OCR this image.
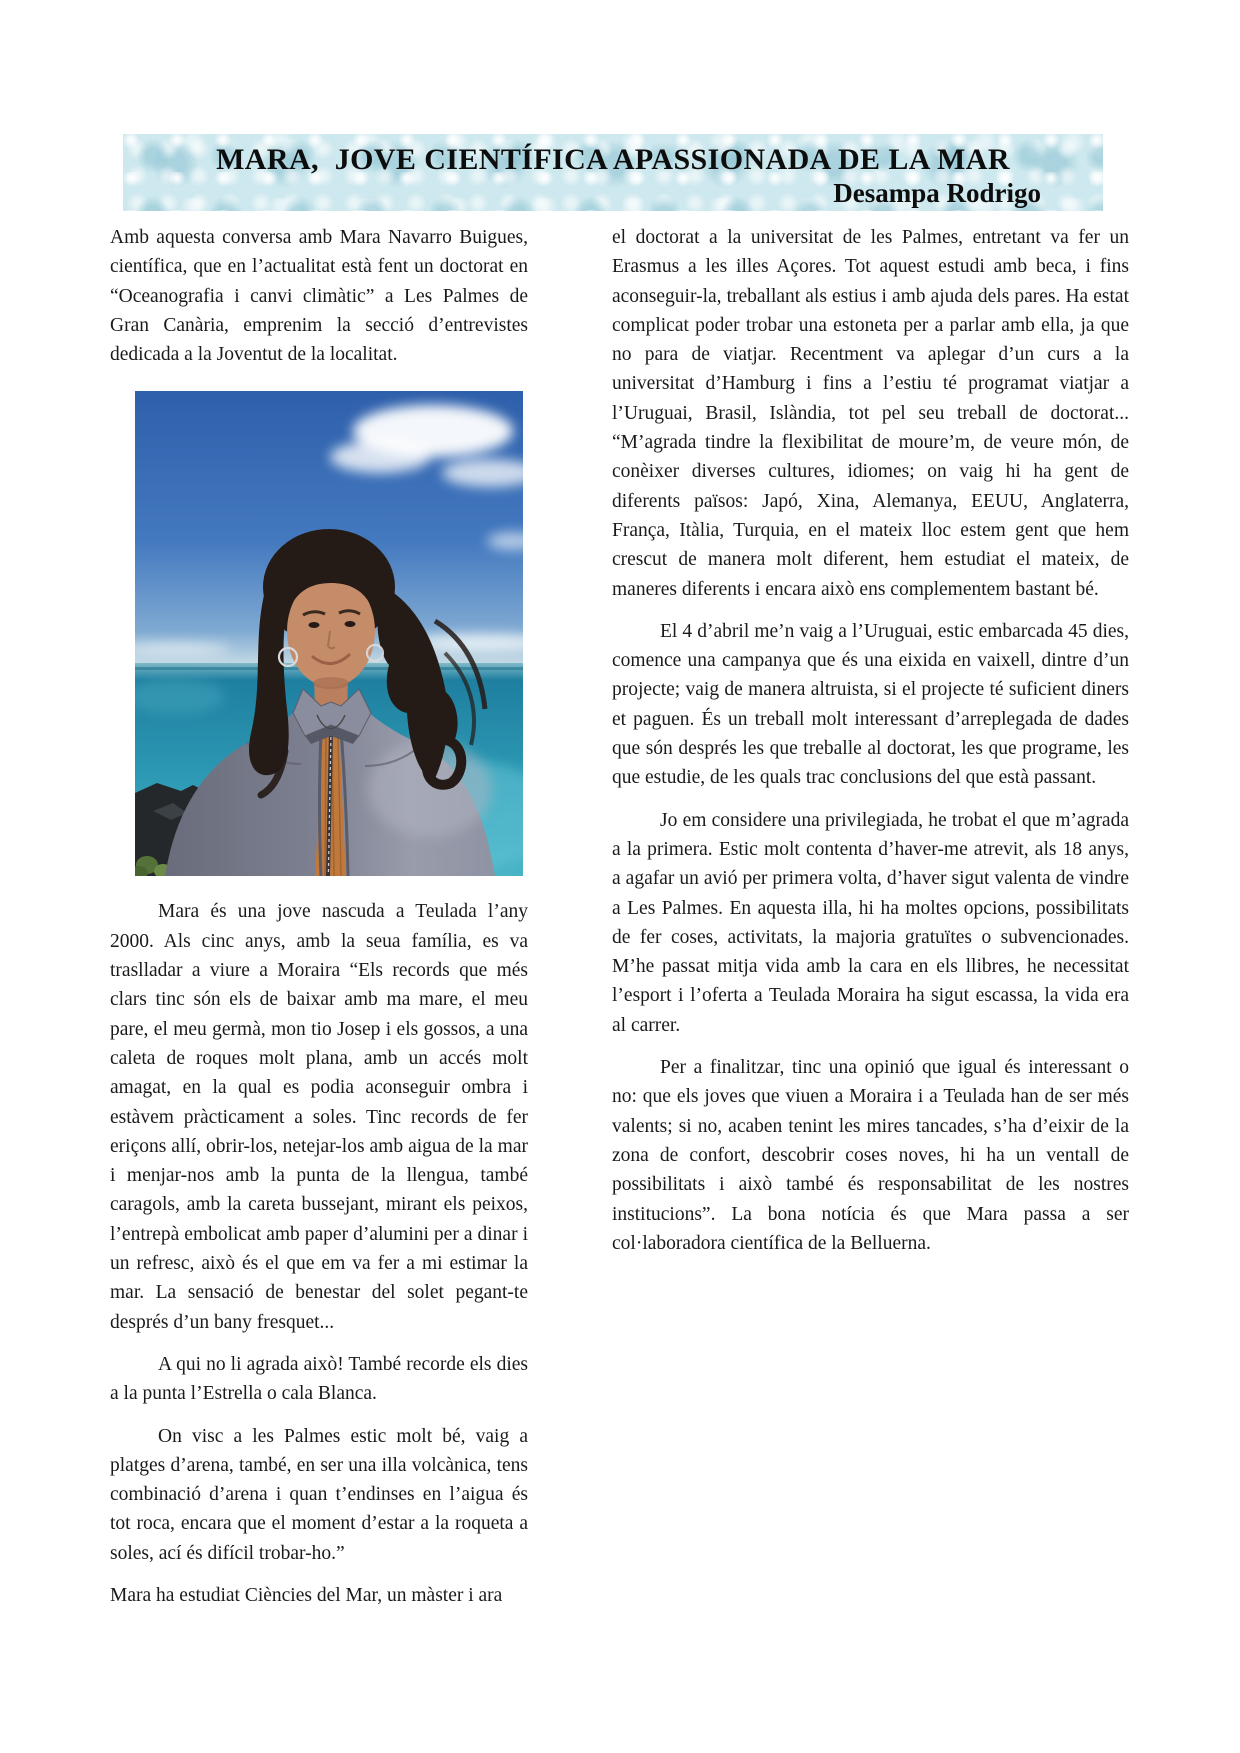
MARA,  JOVE CIENTÍFICA APASSIONADA DE LA MAR
Desampa Rodrigo

Amb aquesta conversa amb Mara Navarro Buigues, científica, que en l’actualitat està fent un doctorat en “Oceanografia i canvi climàtic” a Les Palmes de Gran Canària, emprenim la secció d’entrevistes dedicada a la Joventut de la localitat.

Mara és una jove nascuda a Teulada l’any 2000. Als cinc anys, amb la seua família, es va traslladar a viure a Moraira “Els records que més clars tinc són els de baixar amb ma mare, el meu pare, el meu germà, mon tio Josep i els gossos, a una caleta de roques molt plana, amb un accés molt amagat, en la qual es podia aconseguir ombra i estàvem pràcticament a soles. Tinc records de fer eriçons allí, obrir-los, netejar-los amb aigua de la mar i menjar-nos amb la punta de la llengua, també caragols, amb la careta bussejant, mirant els peixos, l’entrepà embolicat amb paper d’alumini per a dinar i un refresc, això és el que em va fer a mi estimar la mar. La sensació de benestar del solet pegant-te després d’un bany fresquet...

A qui no li agrada això! També recorde els dies a la punta l’Estrella o cala Blanca.

On visc a les Palmes estic molt bé, vaig a platges d’arena, també, en ser una illa volcànica, tens combinació d’arena i quan t’endinses en l’aigua és tot roca, encara que el moment d’estar a la roqueta a soles, ací és difícil trobar-ho.”

Mara ha estudiat Ciències del Mar, un màster i ara

el doctorat a la universitat de les Palmes, entretant va fer un Erasmus a les illes Açores. Tot aquest estudi amb beca, i fins aconseguir-la, treballant als estius i amb ajuda dels pares. Ha estat complicat poder trobar una estoneta per a parlar amb ella, ja que no para de viatjar. Recentment va aplegar d’un curs a la universitat d’Hamburg i fins a l’estiu té programat viatjar a l’Uruguai, Brasil, Islàndia, tot pel seu treball de doctorat... “M’agrada tindre la flexibilitat de moure’m, de veure món, de conèixer diverses cultures, idiomes; on vaig hi ha gent de diferents països: Japó, Xina, Alemanya, EEUU, Anglaterra, França, Itàlia, Turquia, en el mateix lloc estem gent que hem crescut de manera molt diferent, hem estudiat el mateix, de maneres diferents i encara això ens complementem bastant bé.

El 4 d’abril me’n vaig a l’Uruguai, estic embarcada 45 dies, comence una campanya que és una eixida en vaixell, dintre d’un projecte; vaig de manera altruista, si el projecte té suficient diners et paguen. És un treball molt interessant d’arreplegada de dades que són després les que treballe al doctorat, les que programe, les que estudie, de les quals trac conclusions del que està passant.

Jo em considere una privilegiada, he trobat el que m’agrada a la primera. Estic molt contenta d’haver-me atrevit, als 18 anys, a agafar un avió per primera volta, d’haver sigut valenta de vindre a Les Palmes. En aquesta illa, hi ha moltes opcions, possibilitats de fer coses, activitats, la majoria gratuïtes o subvencionades. M’he passat mitja vida amb la cara en els llibres, he necessitat l’esport i l’oferta a Teulada Moraira ha sigut escassa, la vida era al carrer.

Per a finalitzar, tinc una opinió que igual és interessant o no: que els joves que viuen a Moraira i a Teulada han de ser més valents; si no, acaben tenint les mires tancades, s’ha d’eixir de la zona de confort, descobrir coses noves, hi ha un ventall de possibilitats i això també és responsabilitat de les nostres institucions”. La bona notícia és que Mara passa a ser col·laboradora científica de la Belluerna.
